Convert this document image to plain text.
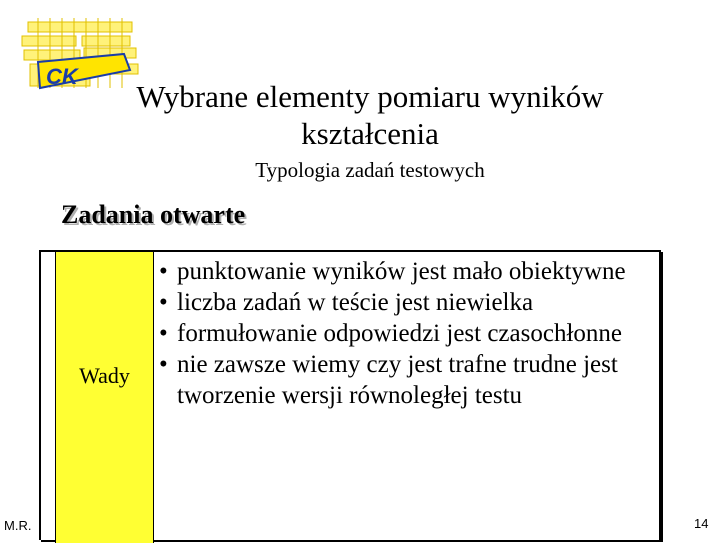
CK
Wybrane elementy pomiaru wyników kształcenia
Typologia zadań testowych
Zadania otwarte
Wady
• punktowanie wyników jest mało obiektywne
• liczba zadań w teście jest niewielka
• formułowanie odpowiedzi jest czasochłonne
• nie zawsze wiemy czy jest trafne trudne jest tworzenie wersji równoległej testu
M.R.	14
